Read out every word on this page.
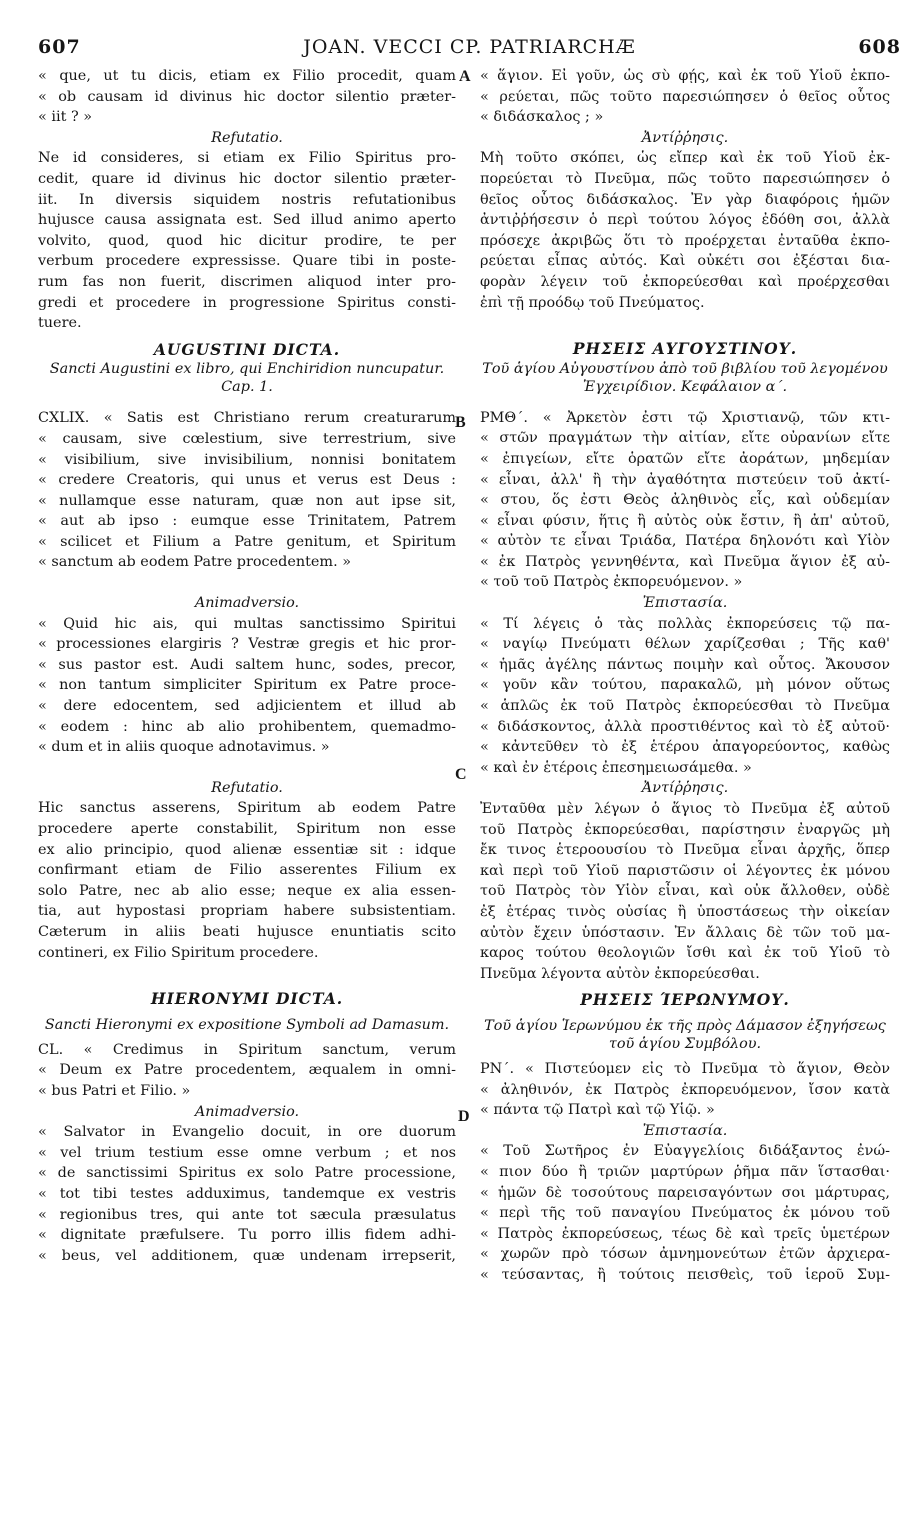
607	JOAN. VECCI CP. PATRIARCHÆ	608
A
B
C
D

« que, ut tu dicis, etiam ex Filio procedit, quam

« ob causam id divinus hic doctor silentio præter-

« iit ? »

Refutatio.

Ne id consideres, si etiam ex Filio Spiritus pro-

cedit, quare id divinus hic doctor silentio præter-

iit. In diversis siquidem nostris refutationibus

hujusce causa assignata est. Sed illud animo aperto

volvito, quod, quod hic dicitur prodire, te per

verbum procedere expressisse. Quare tibi in poste-

rum fas non fuerit, discrimen aliquod inter pro-

gredi et procedere in progressione Spiritus consti-

tuere.

AUGUSTINI DICTA.

Sancti Augustini ex libro, qui Enchiridion nuncupatur. Cap. 1.

CXLIX. « Satis est Christiano rerum creaturarum

« causam, sive cœlestium, sive terrestrium, sive

« visibilium, sive invisibilium, nonnisi bonitatem

« credere Creatoris, qui unus et verus est Deus :

« nullamque esse naturam, quæ non aut ipse sit,

« aut ab ipso : eumque esse Trinitatem, Patrem

« scilicet et Filium a Patre genitum, et Spiritum

« sanctum ab eodem Patre procedentem. »

Animadversio.

« Quid hic ais, qui multas sanctissimo Spiritui

« processiones elargiris ? Vestræ gregis et hic pror-

« sus pastor est. Audi saltem hunc, sodes, precor,

« non tantum simpliciter Spiritum ex Patre proce-

« dere edocentem, sed adjicientem et illud ab

« eodem : hinc ab alio prohibentem, quemadmo-

« dum et in aliis quoque adnotavimus. »

Refutatio.

Hic sanctus asserens, Spiritum ab eodem Patre

procedere aperte constabilit, Spiritum non esse

ex alio principio, quod alienæ essentiæ sit : idque

confirmant etiam de Filio asserentes Filium ex

solo Patre, nec ab alio esse; neque ex alia essen-

tia, aut hypostasi propriam habere subsistentiam.

Cæterum in aliis beati hujusce enuntiatis scito

contineri, ex Filio Spiritum procedere.

HIERONYMI DICTA.

Sancti Hieronymi ex expositione Symboli ad Damasum.

CL. « Credimus in Spiritum sanctum, verum

« Deum ex Patre procedentem, æqualem in omni-

« bus Patri et Filio. »

Animadversio.

« Salvator in Evangelio docuit, in ore duorum

« vel trium testium esse omne verbum ; et nos

« de sanctissimi Spiritus ex solo Patre processione,

« tot tibi testes adduximus, tandemque ex vestris

« regionibus tres, qui ante tot sæcula præsulatus

« dignitate præfulsere. Tu porro illis fidem adhi-

« beus, vel additionem, quæ undenam irrepserit,

« ἅγιον. Εἰ γοῦν, ὡς σὺ φῄς, καὶ ἐκ τοῦ Υἱοῦ ἐκπο-

« ρεύεται, πῶς τοῦτο παρεσιώπησεν ὁ θεῖος οὗτος

« διδάσκαλος ; »

Ἀντίῤῥησις.

Μὴ τοῦτο σκόπει, ὡς εἴπερ καὶ ἐκ τοῦ Υἱοῦ ἐκ-

πορεύεται τὸ Πνεῦμα, πῶς τοῦτο παρεσιώπησεν ὁ

θεῖος οὗτος διδάσκαλος. Ἐν γὰρ διαφόροις ἡμῶν

ἀντιῤῥήσεσιν ὁ περὶ τούτου λόγος ἐδόθη σοι, ἀλλὰ

πρόσεχε ἀκριβῶς ὅτι τὸ προέρχεται ἐνταῦθα ἐκπο-

ρεύεται εἶπας αὐτός. Καὶ οὐκέτι σοι ἐξέσται δια-

φορὰν λέγειν τοῦ ἐκπορεύεσθαι καὶ προέρχεσθαι

ἐπὶ τῇ προόδῳ τοῦ Πνεύματος.

ΡΗΣΕΙΣ ΑΥΓΟΥΣΤΙΝΟΥ.

Τοῦ ἁγίου Αὐγουστίνου ἀπὸ τοῦ βιβλίου τοῦ λεγομένου Ἐγχειρίδιον. Κεφάλαιον α΄.

ΡΜΘ΄. « Ἀρκετὸν ἐστι τῷ Χριστιανῷ, τῶν κτι-

« στῶν πραγμάτων τὴν αἰτίαν, εἴτε οὐρανίων εἴτε

« ἐπιγείων, εἴτε ὁρατῶν εἴτε ἀοράτων, μηδεμίαν

« εἶναι, ἀλλ' ἢ τὴν ἀγαθότητα πιστεύειν τοῦ ἀκτί-

« στου, ὅς ἐστι Θεὸς ἀληθινὸς εἷς, καὶ οὐδεμίαν

« εἶναι φύσιν, ἥτις ἢ αὐτὸς οὐκ ἔστιν, ἢ ἀπ' αὐτοῦ,

« αὐτὸν τε εἶναι Τριάδα, Πατέρα δηλονότι καὶ Υἱὸν

« ἐκ Πατρὸς γεννηθέντα, καὶ Πνεῦμα ἅγιον ἐξ αὐ-

« τοῦ τοῦ Πατρὸς ἐκπορευόμενον. »

Ἐπιστασία.

« Τί λέγεις ὁ τὰς πολλὰς ἐκπορεύσεις τῷ πα-

« ναγίῳ Πνεύματι θέλων χαρίζεσθαι ; Τῆς καθ'

« ἡμᾶς ἀγέλης πάντως ποιμὴν καὶ οὗτος. Ἄκουσον

« γοῦν κἂν τούτου, παρακαλῶ, μὴ μόνον οὕτως

« ἁπλῶς ἐκ τοῦ Πατρὸς ἐκπορεύεσθαι τὸ Πνεῦμα

« διδάσκοντος, ἀλλὰ προστιθέντος καὶ τὸ ἐξ αὐτοῦ·

« κἀντεῦθεν τὸ ἐξ ἑτέρου ἀπαγορεύοντος, καθὼς

« καὶ ἐν ἑτέροις ἐπεσημειωσάμεθα. »

Ἀντίῤῥησις.

Ἐνταῦθα μὲν λέγων ὁ ἅγιος τὸ Πνεῦμα ἐξ αὐτοῦ

τοῦ Πατρὸς ἐκπορεύεσθαι, παρίστησιν ἐναργῶς μὴ

ἔκ τινος ἑτεροουσίου τὸ Πνεῦμα εἶναι ἀρχῆς, ὅπερ

καὶ περὶ τοῦ Υἱοῦ παριστῶσιν οἱ λέγοντες ἐκ μόνου

τοῦ Πατρὸς τὸν Υἱὸν εἶναι, καὶ οὐκ ἄλλοθεν, οὐδὲ

ἐξ ἑτέρας τινὸς οὐσίας ἢ ὑποστάσεως τὴν οἰκείαν

αὐτὸν ἔχειν ὑπόστασιν. Ἐν ἄλλαις δὲ τῶν τοῦ μα-

καρος τούτου θεολογιῶν ἴσθι καὶ ἐκ τοῦ Υἱοῦ τὸ

Πνεῦμα λέγοντα αὐτὸν ἐκπορεύεσθαι.

ΡΗΣΕΙΣ ΊΕΡΩΝΥΜΟΥ.

Τοῦ ἁγίου Ἱερωνύμου ἐκ τῆς πρὸς Δάμασον ἐξηγήσεως τοῦ ἁγίου Συμβόλου.

ΡΝ΄. « Πιστεύομεν εἰς τὸ Πνεῦμα τὸ ἅγιον, Θεὸν

« ἀληθινόν, ἐκ Πατρὸς ἐκπορευόμενον, ἴσον κατὰ

« πάντα τῷ Πατρὶ καὶ τῷ Υἱῷ. »

Ἐπιστασία.

« Τοῦ Σωτῆρος ἐν Εὐαγγελίοις διδάξαντος ἐνώ-

« πιον δύο ἢ τριῶν μαρτύρων ῥῆμα πᾶν ἵστασθαι·

« ἡμῶν δὲ τοσούτους παρεισαγόντων σοι μάρτυρας,

« περὶ τῆς τοῦ παναγίου Πνεύματος ἐκ μόνου τοῦ

« Πατρὸς ἐκπορεύσεως, τέως δὲ καὶ τρεῖς ὑμετέρων

« χωρῶν πρὸ τόσων ἀμνημονεύτων ἐτῶν ἀρχιερα-

« τεύσαντας, ἢ τούτοις πεισθεὶς, τοῦ ἱεροῦ Συμ-
